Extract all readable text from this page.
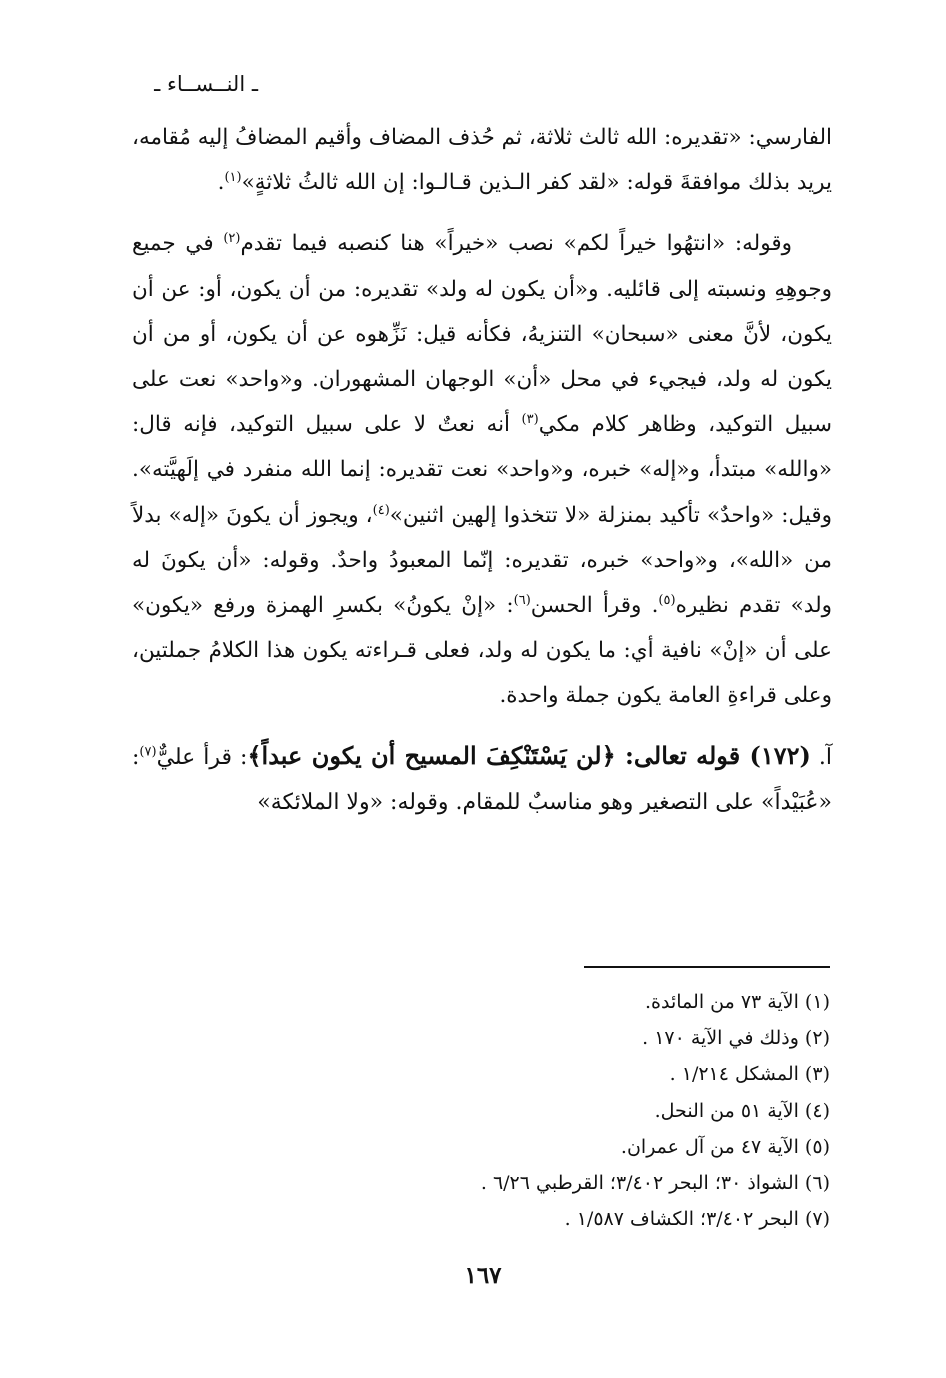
ـ النــســاء ـ

الفارسي: «تقديره: الله ثالث ثلاثة، ثم حُذف المضاف وأقيم المضافُ إليه مُقامه، يريد بذلك موافقةَ قوله: «لقد كفر الـذين قـالـوا: إن الله ثالثُ ثلاثةٍ»$^{(١)}$.

وقوله: «انتهُوا خيراً لكم» نصب «خيراً» هنا كنصبه فيما تقدم$^{(٢)}$ في جميع وجوهِهِ ونسبته إلى قائليه. و«أن يكون له ولد» تقديره: من أن يكون، أو: عن أن يكون، لأنَّ معنى «سبحان» التنزيهُ، فكأنه قيل: نَزِّهوه عن أن يكون، أو من أن يكون له ولد، فيجيء في محل «أن» الوجهان المشهوران. و«واحد» نعت على سبيل التوكيد، وظاهر كلام مكي$^{(٣)}$ أنه نعتٌ لا على سبيل التوكيد، فإنه قال: «والله» مبتدأ، و«إله» خبره، و«واحد» نعت تقديره: إنما الله منفرد في إلَهيَّته». وقيل: «واحدٌ» تأكيد بمنزلة «لا تتخذوا إلهين اثنين»$^{(٤)}$، ويجوز أن يكونَ «إله» بدلاً من «الله»، و«واحد» خبره، تقديره: إنّما المعبودُ واحدٌ. وقوله: «أن يكونَ له ولد» تقدم نظيره$^{(٥)}$. وقرأ الحسن$^{(٦)}$: «إنْ يكونُ» بكسرِ الهمزة ورفع «يكون» على أن «إنْ» نافية أي: ما يكون له ولد، فعلى قـراءته يكون هذا الكلامُ جملتين، وعلى قراءةِ العامة يكون جملة واحدة.

آ. (١٧٢) قوله تعالى: ﴿لن يَسْتَنْكِفَ المسيح أن يكون عبداً﴾: قرأ عليٌّ$^{(٧)}$: «عُبَيْداً» على التصغير وهو مناسبٌ للمقام. وقوله: «ولا الملائكة»

(١) الآية ٧٣ من المائدة.
(٢) وذلك في الآية ١٧٠ .
(٣) المشكل ١/٢١٤ .
(٤) الآية ٥١ من النحل.
(٥) الآية ٤٧ من آل عمران.
(٦) الشواذ ٣٠؛ البحر ٣/٤٠٢؛ القرطبي ٦/٢٦ .
(٧) البحر ٣/٤٠٢؛ الكشاف ١/٥٨٧ .
١٦٧
